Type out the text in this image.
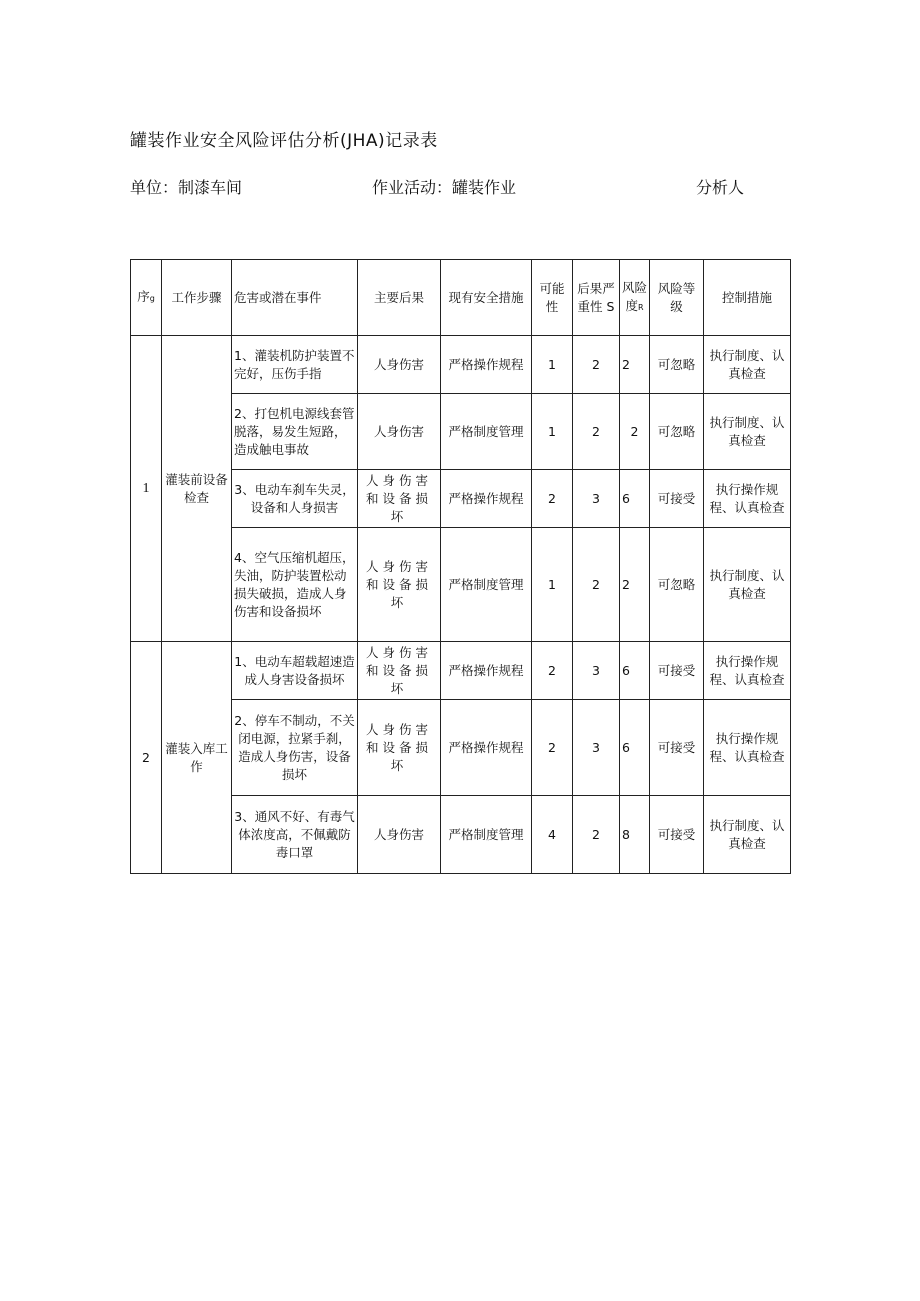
罐装作业安全风险评估分析(JHA)记录表
单位：制漆车间	作业活动：罐装作业	分析人
序g	工作步骤	危害或潜在事件	主要后果	现有安全措施	可能性	后果严重性 S	风险度R	风险等级	控制措施
1	灌装前设备检查	1、灌装机防护装置不完好，压伤手指	人身伤害	严格操作规程	1	2	2	可忽略	执行制度、认真检查
		2、打包机电源线套管脱落，易发生短路，造成触电事故	人身伤害	严格制度管理	1	2	2	可忽略	执行制度、认真检查
		3、电动车刹车失灵，设备和人身损害	人身伤害和设备损坏	严格操作规程	2	3	6	可接受	执行操作规程、认真检查
		4、空气压缩机超压，失油，防护装置松动损失破损，造成人身伤害和设备损坏	人身伤害和设备损坏	严格制度管理	1	2	2	可忽略	执行制度、认真检查
2	灌装入库工作	1、电动车超载超速造成人身害设备损坏	人身伤害和设备损坏	严格操作规程	2	3	6	可接受	执行操作规程、认真检查
		2、停车不制动，不关闭电源，拉紧手刹，造成人身伤害，设备损坏	人身伤害和设备损坏	严格操作规程	2	3	6	可接受	执行操作规程、认真检查
		3、通风不好、有毒气体浓度高，不佩戴防毒口罩	人身伤害	严格制度管理	4	2	8	可接受	执行制度、认真检查
